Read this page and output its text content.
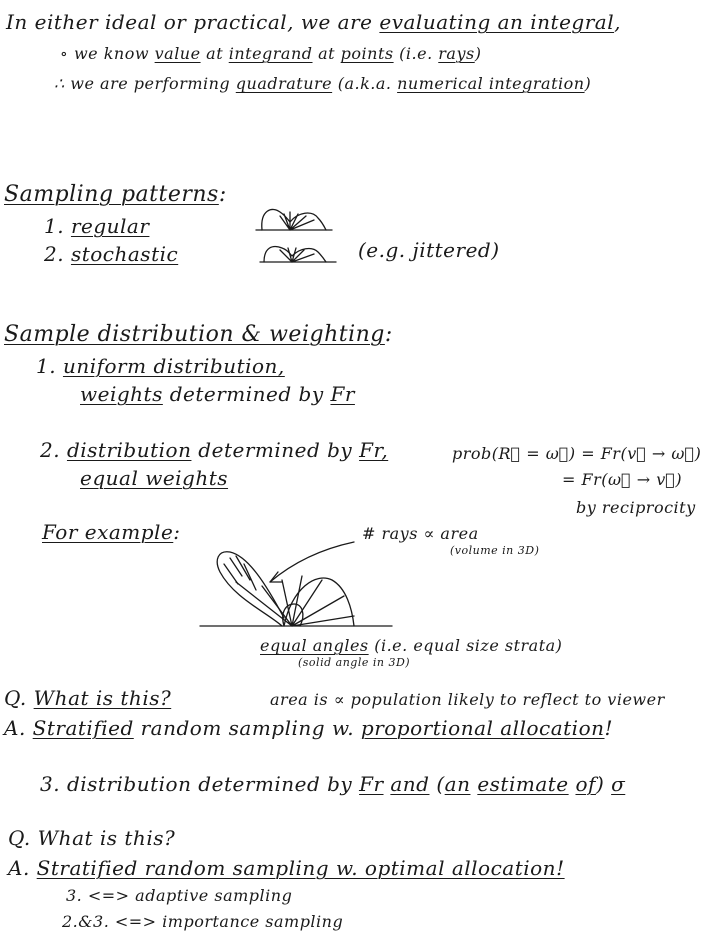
In either ideal or practical, we are evaluating an integral,
∘ we know value at integrand at points (i.e. rays)
∴ we are performing quadrature (a.k.a. numerical integration)
Sampling patterns:
1. regular
2. stochastic	(e.g. jittered)
Sample distribution & weighting:
1. uniform distribution,
weights determined by Fr
2. distribution determined by Fr,
equal weights
prob(R⃗ = ω⃗) = Fr(v⃗ → ω⃗)
= Fr(ω⃗ → v⃗)
by reciprocity
For example:	# rays ∝ area
(volume in 3D)
equal angles (i.e. equal size strata)
(solid angle in 3D)
Q. What is this?	area is ∝ population likely to reflect to viewer
A. Stratified random sampling w. proportional allocation!
3. distribution determined by Fr and (an estimate of) σ
Q. What is this?
A. Stratified random sampling w. optimal allocation!
3. <=> adaptive sampling
2.&3. <=> importance sampling
